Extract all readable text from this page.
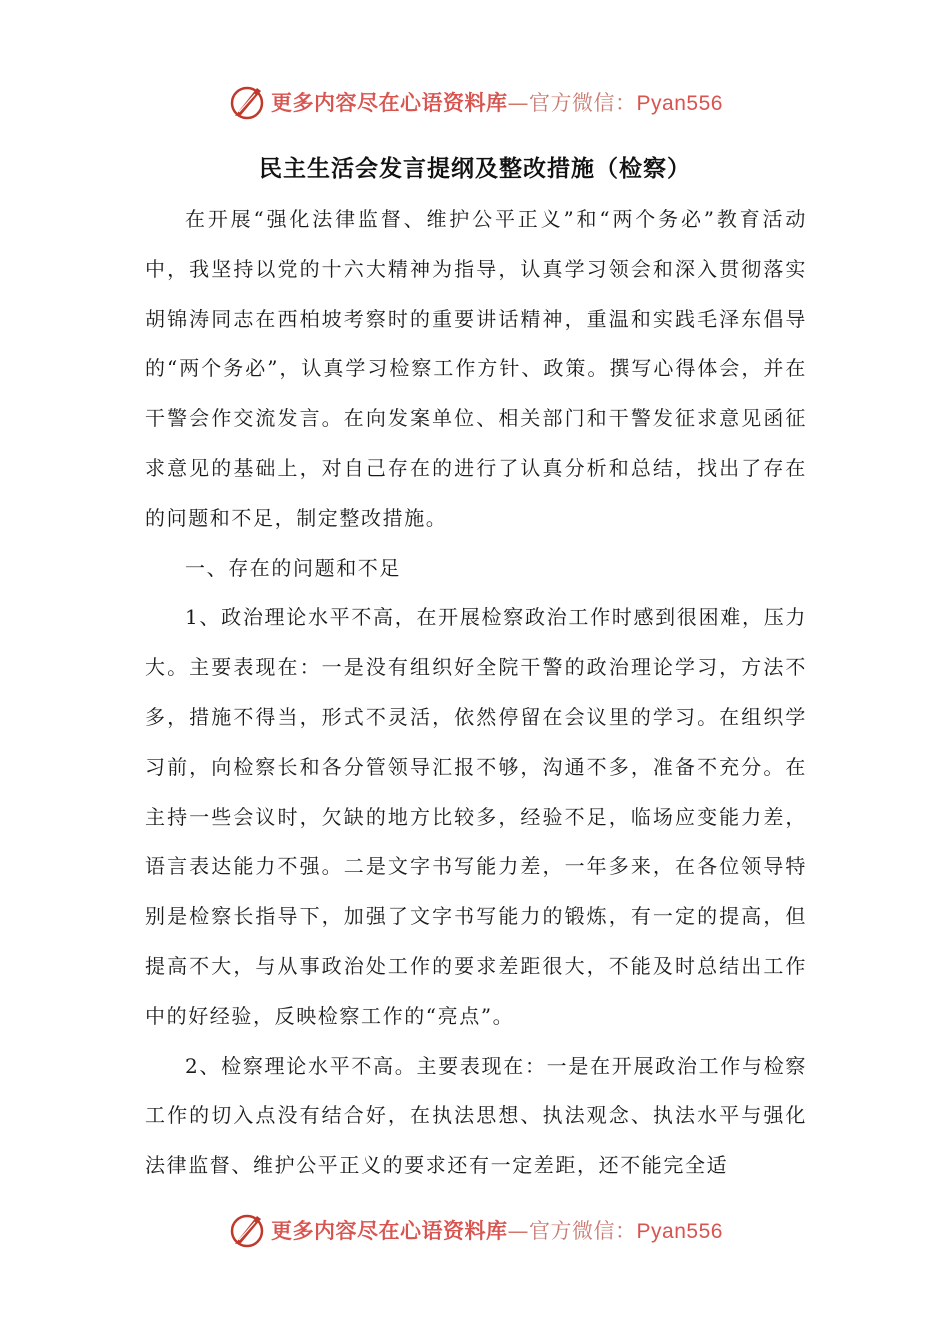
更多内容尽在心语资料库—官方微信：Pyan556
民主生活会发言提纲及整改措施（检察）

在开展“强化法律监督、维护公平正义”和“两个务必”教育活动中，我坚持以党的十六大精神为指导，认真学习领会和深入贯彻落实胡锦涛同志在西柏坡考察时的重要讲话精神，重温和实践毛泽东倡导的“两个务必”，认真学习检察工作方针、政策。撰写心得体会，并在干警会作交流发言。在向发案单位、相关部门和干警发征求意见函征求意见的基础上，对自己存在的进行了认真分析和总结，找出了存在的问题和不足，制定整改措施。

一、存在的问题和不足

1、政治理论水平不高，在开展检察政治工作时感到很困难，压力大。主要表现在：一是没有组织好全院干警的政治理论学习，方法不多，措施不得当，形式不灵活，依然停留在会议里的学习。在组织学习前，向检察长和各分管领导汇报不够，沟通不多，准备不充分。在主持一些会议时，欠缺的地方比较多，经验不足，临场应变能力差，语言表达能力不强。二是文字书写能力差，一年多来，在各位领导特别是检察长指导下，加强了文字书写能力的锻炼，有一定的提高，但提高不大，与从事政治处工作的要求差距很大，不能及时总结出工作中的好经验，反映检察工作的“亮点”。

2、检察理论水平不高。主要表现在：一是在开展政治工作与检察工作的切入点没有结合好，在执法思想、执法观念、执法水平与强化法律监督、维护公平正义的要求还有一定差距，还不能完全适

更多内容尽在心语资料库—官方微信：Pyan556
